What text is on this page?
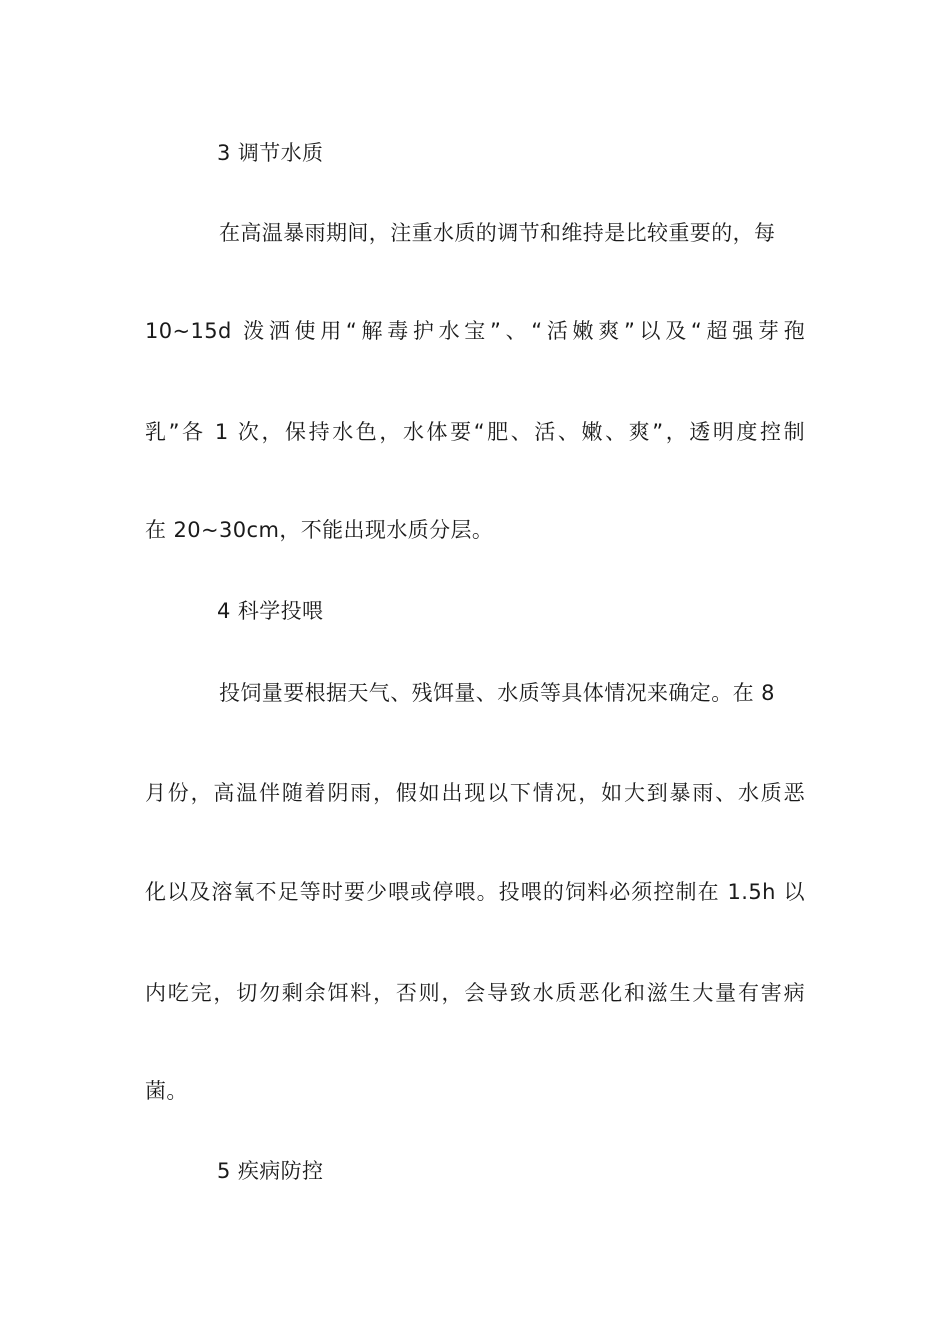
3 调节水质
在高温暴雨期间，注重水质的调节和维持是比较重要的，每
10~15d 泼洒使用“解毒护水宝”、“活嫩爽”以及“超强芽孢
乳”各 1 次，保持水色，水体要“肥、活、嫩、爽”，透明度控制
在 20~30cm，不能出现水质分层。
4 科学投喂
投饲量要根据天气、残饵量、水质等具体情况来确定。在 8
月份，高温伴随着阴雨，假如出现以下情况，如大到暴雨、水质恶
化以及溶氧不足等时要少喂或停喂。投喂的饲料必须控制在 1.5h 以
内吃完，切勿剩余饵料，否则，会导致水质恶化和滋生大量有害病
菌。
5 疾病防控
